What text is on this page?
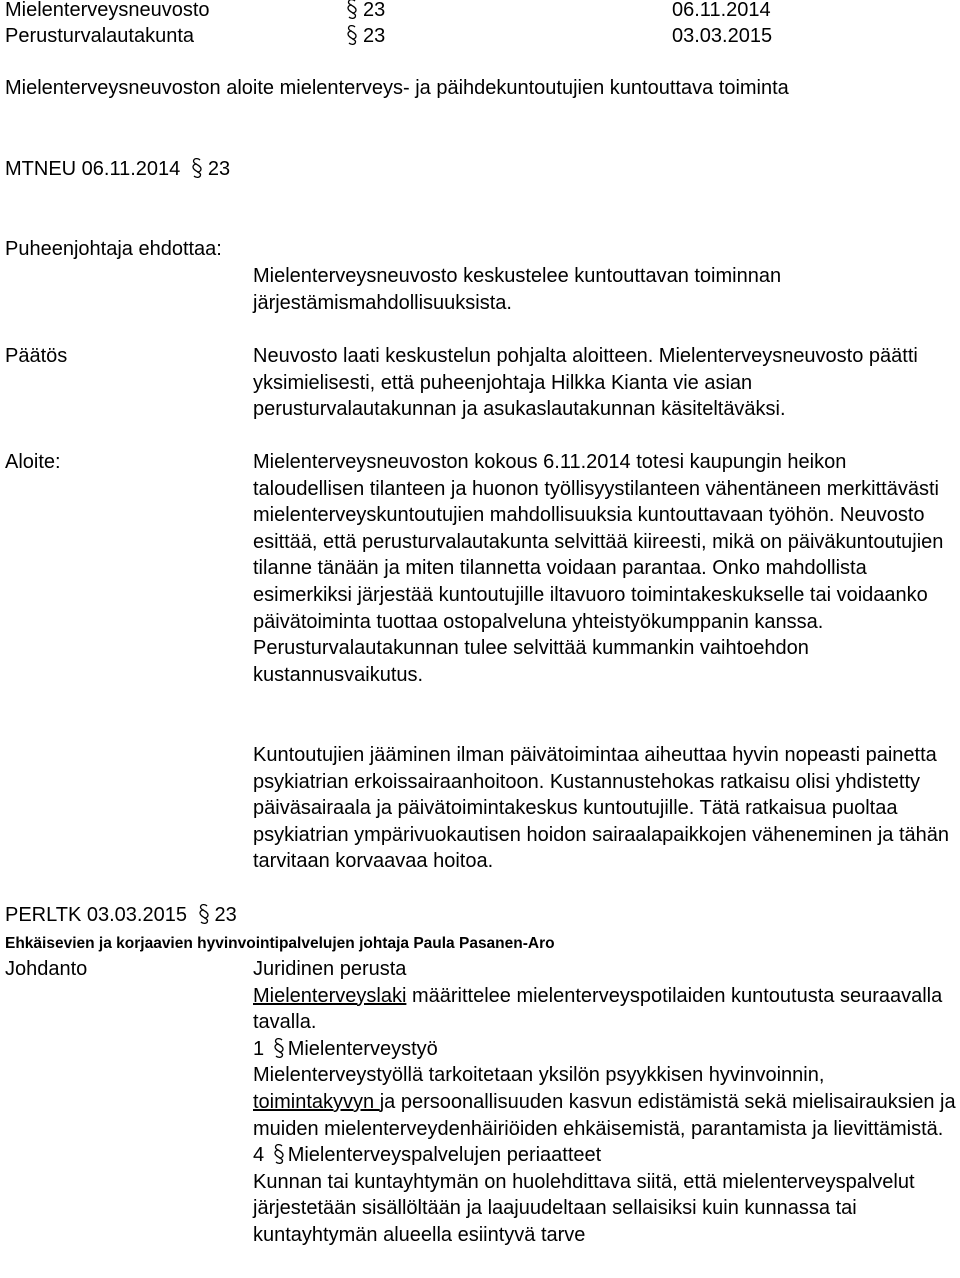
Mielenterveysneuvosto	23	06.11.2014
Perusturvalautakunta	23	03.03.2015

Mielenterveysneuvoston aloite mielenterveys- ja päihdekuntoutujien kuntouttava toiminta

MTNEU 06.11.2014 23
Puheenjohtaja ehdottaa:

Mielenterveysneuvosto keskustelee kuntouttavan toiminnan järjestämismahdollisuuksista.

Päätös	Neuvosto laati keskustelun pohjalta aloitteen. Mielenterveysneuvosto päätti yksimielisesti, että puheenjohtaja Hilkka Kianta vie asian perusturvalautakunnan ja asukaslautakunnan käsiteltäväksi.

Aloite:	Mielenterveysneuvoston kokous 6.11.2014 totesi kaupungin heikon taloudellisen tilanteen ja huonon työllisyystilanteen vähentäneen merkittävästi mielenterveyskuntoutujien mahdollisuuksia kuntouttavaan työhön. Neuvosto esittää, että perusturvalautakunta selvittää kiireesti, mikä on päiväkuntoutujien tilanne tänään ja miten tilannetta voidaan parantaa. Onko mahdollista esimerkiksi järjestää kuntoutujille iltavuoro toimintakeskukselle tai voidaanko päivätoiminta tuottaa ostopalveluna yhteistyökumppanin kanssa. Perusturvalautakunnan tulee selvittää kummankin vaihtoehdon kustannusvaikutus.

Kuntoutujien jääminen ilman päivätoimintaa aiheuttaa hyvin nopeasti painetta psykiatrian erkoissairaanhoitoon. Kustannustehokas ratkaisu olisi yhdistetty päiväsairaala ja päivätoimintakeskus kuntoutujille. Tätä ratkaisua puoltaa psykiatrian ympärivuokautisen hoidon sairaalapaikkojen väheneminen ja tähän tarvitaan korvaavaa hoitoa.

PERLTK 03.03.2015 23
Ehkäisevien ja korjaavien hyvinvointipalvelujen johtaja Paula Pasanen-Aro
Johdanto	Juridinen perusta

Mielenterveyslaki määrittelee mielenterveyspotilaiden kuntoutusta seuraavalla tavalla.

1 Mielenterveystyö

Mielenterveystyöllä tarkoitetaan yksilön psyykkisen hyvinvoinnin,
toimintakyvyn ja persoonallisuuden kasvun edistämistä sekä mielisairauksien ja muiden mielenterveydenhäiriöiden ehkäisemistä, parantamista ja lievittämistä.

4 Mielenterveyspalvelujen periaatteet

Kunnan tai kuntayhtymän on huolehdittava siitä, että mielenterveyspalvelut järjestetään sisällöltään ja laajuudeltaan sellaisiksi kuin kunnassa tai kuntayhtymän alueella esiintyvä tarve
